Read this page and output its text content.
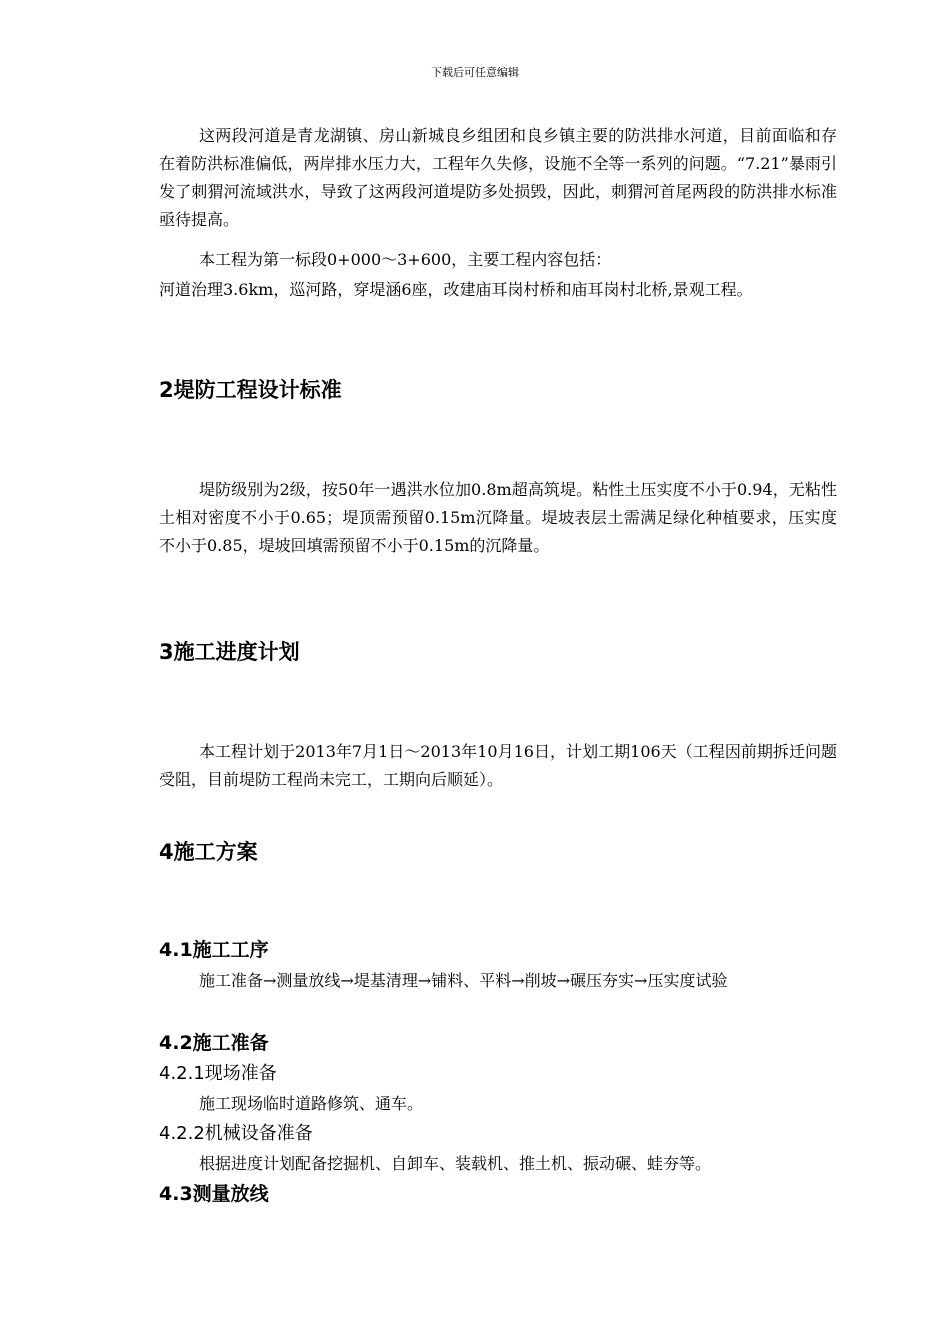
下载后可任意编辑

这两段河道是青龙湖镇、房山新城良乡组团和良乡镇主要的防洪排水河道，目前面临和存在着防洪标准偏低，两岸排水压力大，工程年久失修，设施不全等一系列的问题。“7.21”暴雨引发了刺猬河流域洪水，导致了这两段河道堤防多处损毁，因此，刺猬河首尾两段的防洪排水标准亟待提高。

本工程为第一标段0+000～3+600，主要工程内容包括：

河道治理3.6km，巡河路，穿堤涵6座，改建庙耳岗村桥和庙耳岗村北桥,景观工程。

2堤防工程设计标准

堤防级别为2级，按50年一遇洪水位加0.8m超高筑堤。粘性土压实度不小于0.94，无粘性土相对密度不小于0.65；堤顶需预留0.15m沉降量。堤坡表层土需满足绿化种植要求，压实度不小于0.85，堤坡回填需预留不小于0.15m的沉降量。

3施工进度计划

本工程计划于2013年7月1日～2013年10月16日，计划工期106天（工程因前期拆迁问题受阻，目前堤防工程尚未完工，工期向后顺延）。

4施工方案
4.1施工工序

施工准备→测量放线→堤基清理→铺料、平料→削坡→碾压夯实→压实度试验

4.2施工准备
4.2.1现场准备

施工现场临时道路修筑、通车。

4.2.2机械设备准备

根据进度计划配备挖掘机、自卸车、装载机、推土机、振动碾、蛙夯等。

4.3测量放线
